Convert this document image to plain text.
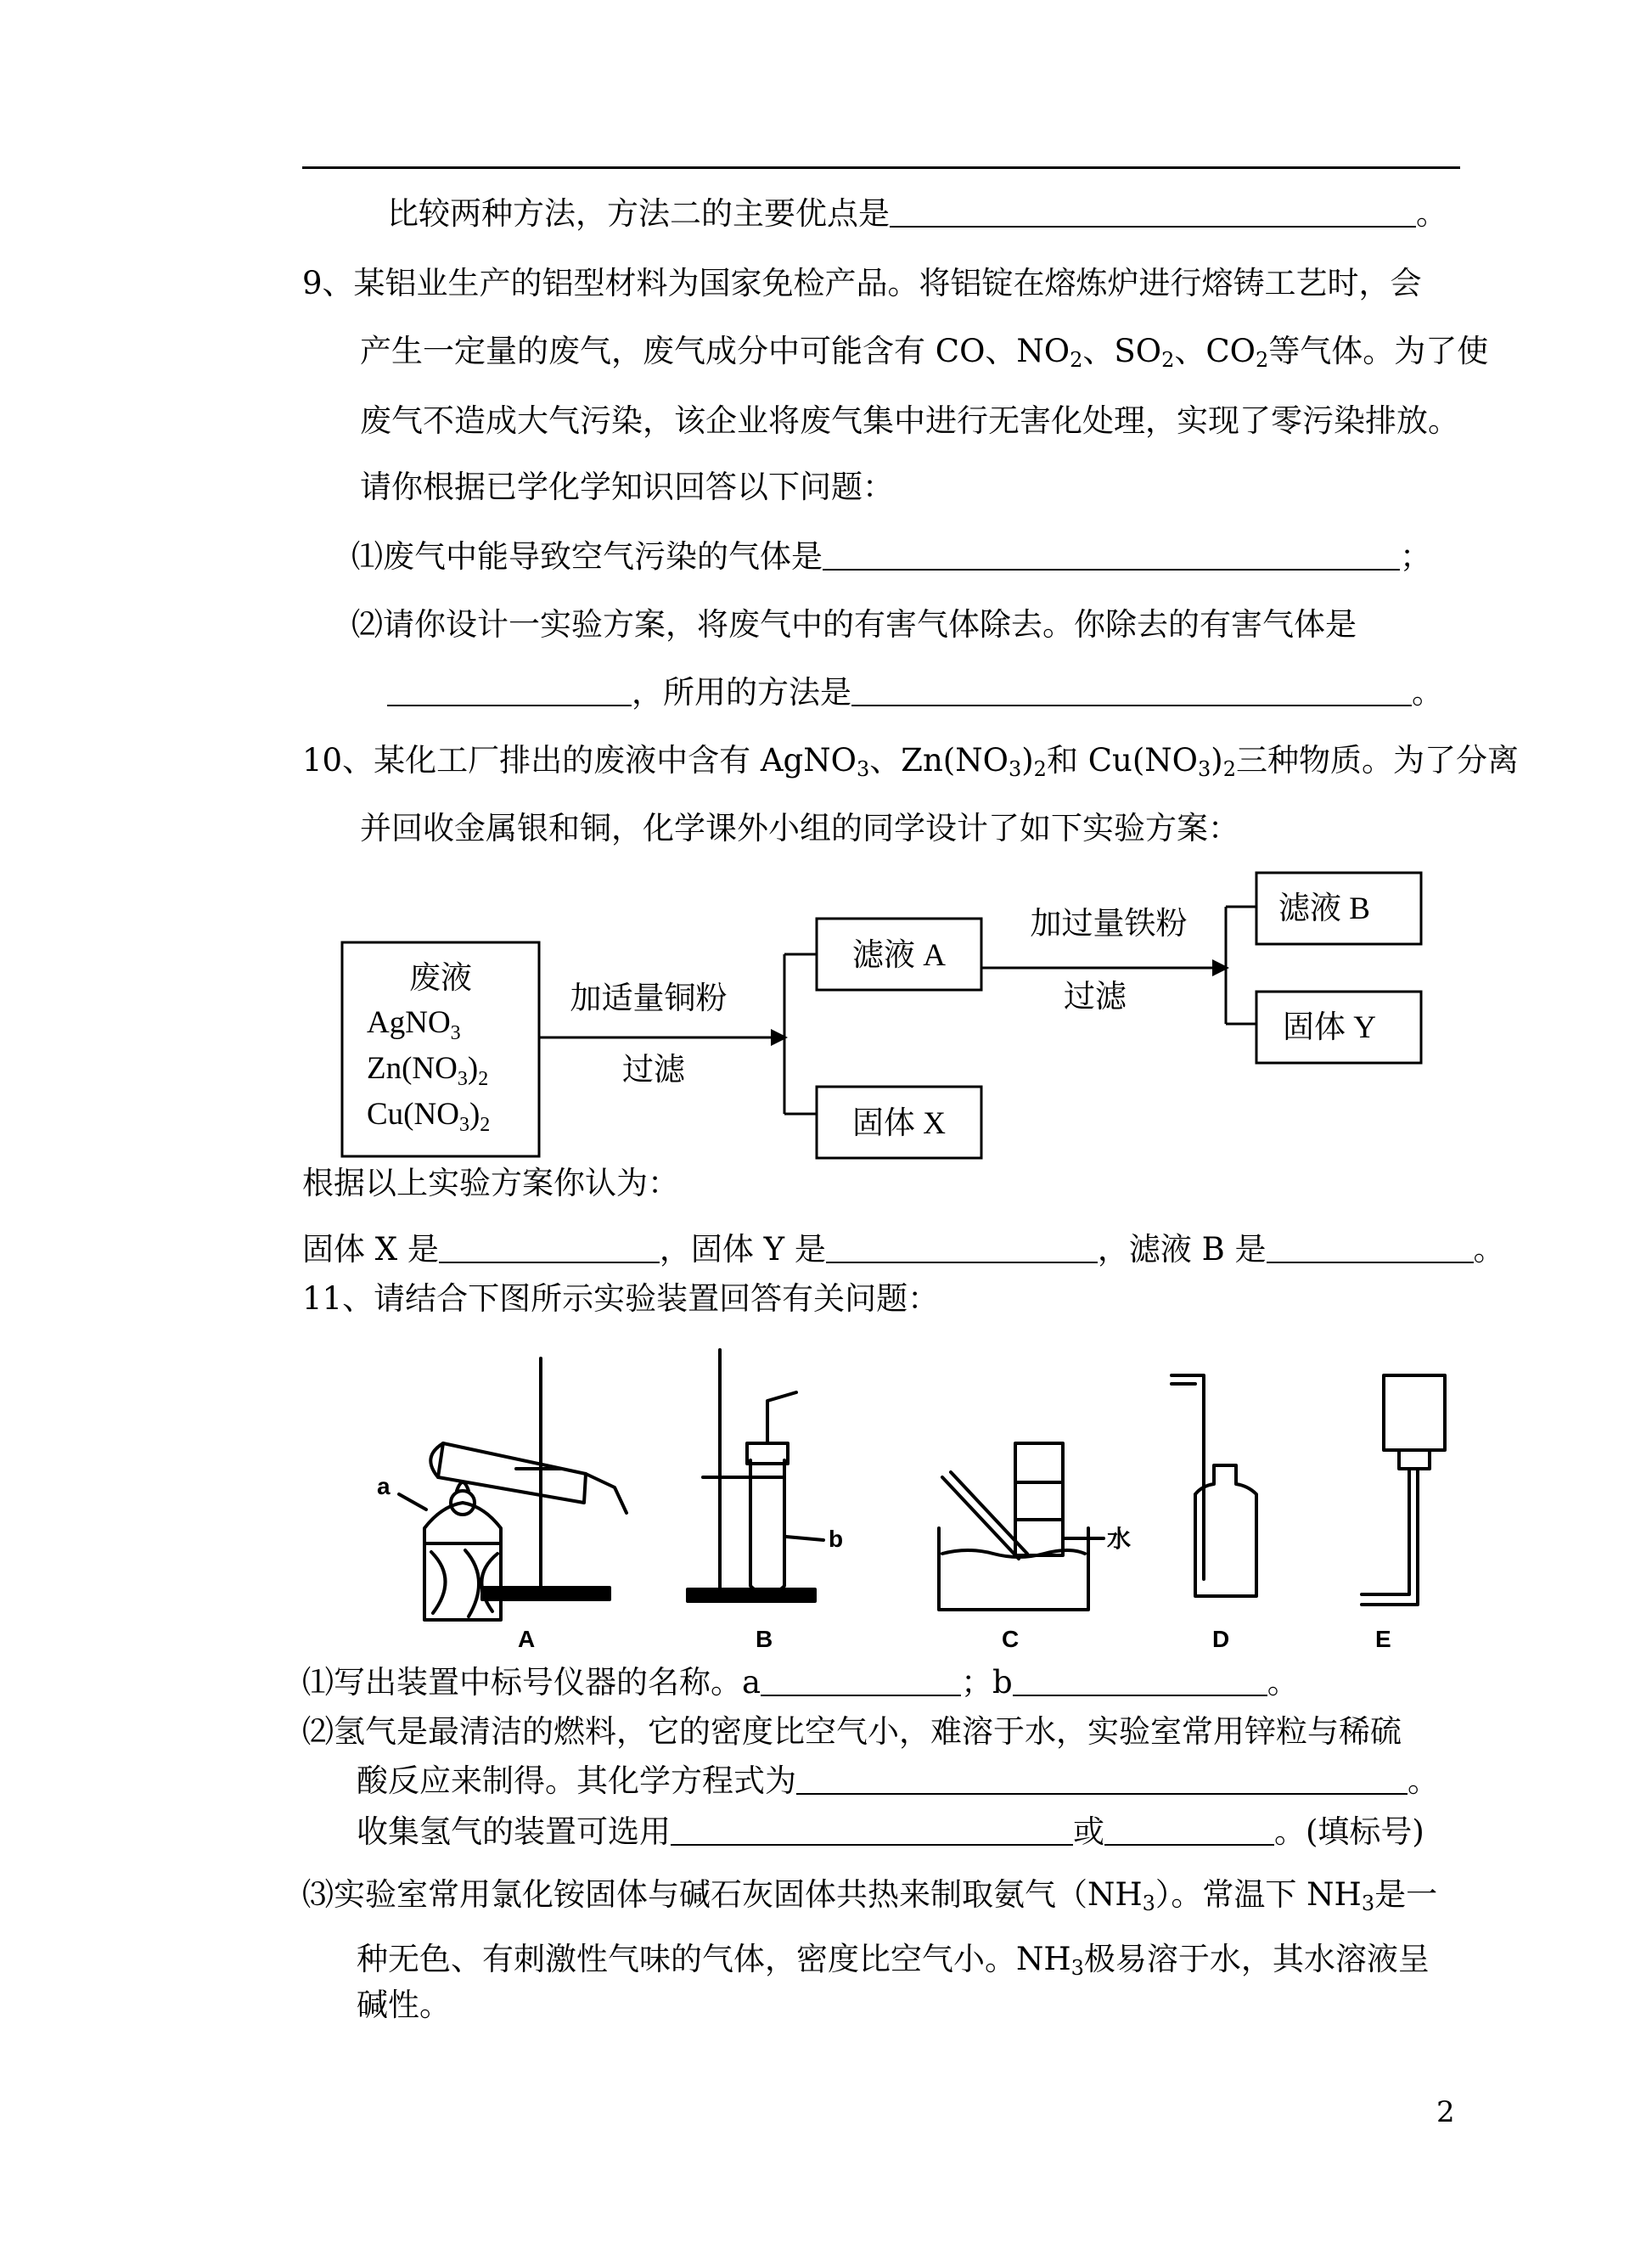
比较两种方法，方法二的主要优点是	。
9、某铝业生产的铝型材料为国家免检产品。将铝锭在熔炼炉进行熔铸工艺时，会
产生一定量的废气，废气成分中可能含有 CO、$NO_2$、$SO_2$、$CO_2$等气体。为了使
废气不造成大气污染，该企业将废气集中进行无害化处理，实现了零污染排放。
请你根据已学化学知识回答以下问题：
⑴废气中能导致空气污染的气体是	；
⑵请你设计一实验方案，将废气中的有害气体除去。你除去的有害气体是
，所用的方法是	。
10、某化工厂排出的废液中含有 AgNO$_3$、$Zn(NO_3)_2$和 $Cu(NO_3)_2$三种物质。为了分离
并回收金属银和铜，化学课外小组的同学设计了如下实验方案：
废液
AgNO$_3$
$Zn(NO_3)_2$
$Cu(NO_3)_2$
加适量铜粉
过滤
滤液 A
固体 X
加过量铁粉
过滤
滤液 B
固体 Y
根据以上实验方案你认为：
固体 X 是	，固体 Y 是	，滤液 B 是	。
11、请结合下图所示实验装置回答有关问题：
a
b	水
A	B	C	D	E
⑴写出装置中标号仪器的名称。a	；b	。
⑵氢气是最清洁的燃料，它的密度比空气小，难溶于水，实验室常用锌粒与稀硫
酸反应来制得。其化学方程式为	。
收集氢气的装置可选用	或	。(填标号)
⑶实验室常用氯化铵固体与碱石灰固体共热来制取氨气$(NH_3)$。常温下 $NH_3$是一
种无色、有刺激性气味的气体，密度比空气小。$NH_3$极易溶于水，其水溶液呈
碱性。
2
